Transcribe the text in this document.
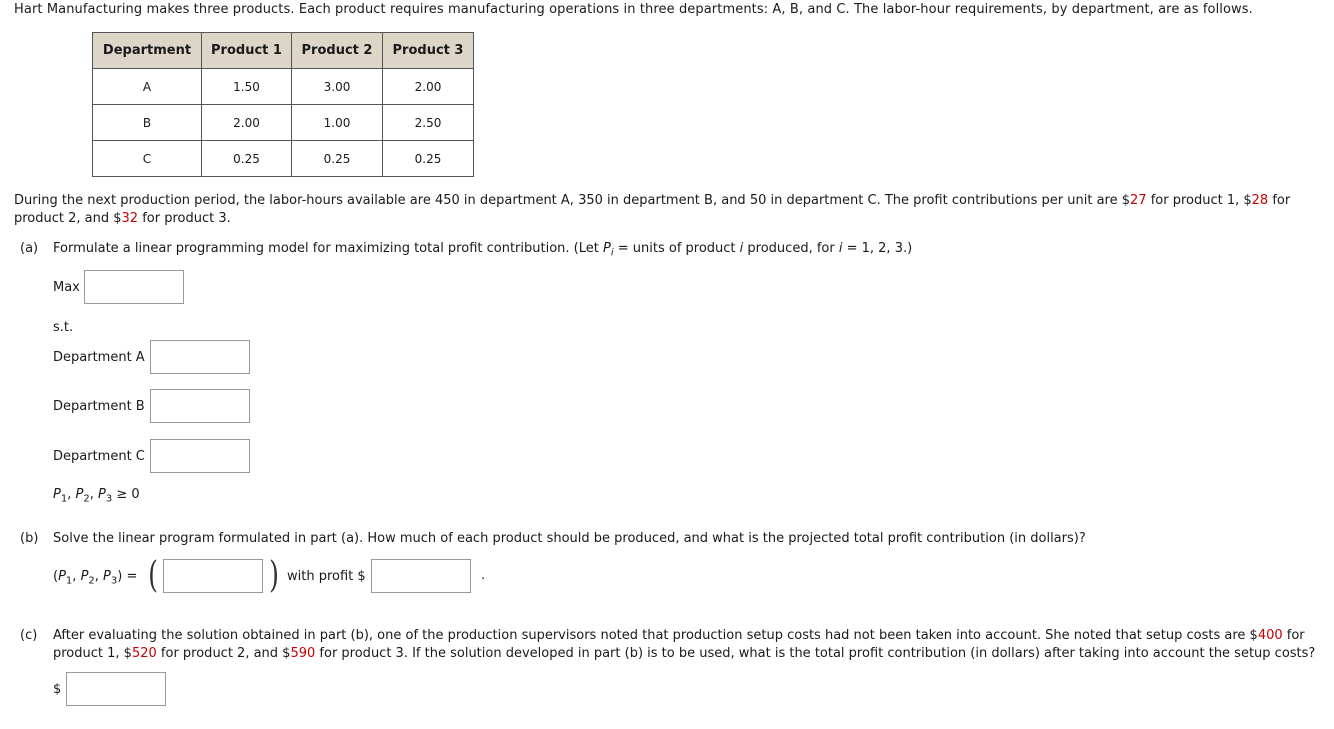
Hart Manufacturing makes three products. Each product requires manufacturing operations in three departments: A, B, and C. The labor-hour requirements, by department, are as follows.
Department	Product 1	Product 2	Product 3
A	1.50	3.00	2.00
B	2.00	1.00	2.50
C	0.25	0.25	0.25
During the next production period, the labor-hours available are 450 in department A, 350 in department B, and 50 in department C. The profit contributions per unit are $27 for product 1, $28 for
product 2, and $32 for product 3.
(a) Formulate a linear programming model for maximizing total profit contribution. (Let $P_i$ = units of product i produced, for i = 1, 2, 3.)
Max
s.t.
Department A
Department B
Department C
$P_1$, $P_2$, $P_3 \ge 0$
(b) Solve the linear program formulated in part (a). How much of each product should be produced, and what is the projected total profit contribution (in dollars)?
($P_1$, $P_2$, $P_3$) = (	) with profit $	.
(c) After evaluating the solution obtained in part (b), one of the production supervisors noted that production setup costs had not been taken into account. She noted that setup costs are $400 for
product 1, $520 for product 2, and $590 for product 3. If the solution developed in part (b) is to be used, what is the total profit contribution (in dollars) after taking into account the setup costs?
$
